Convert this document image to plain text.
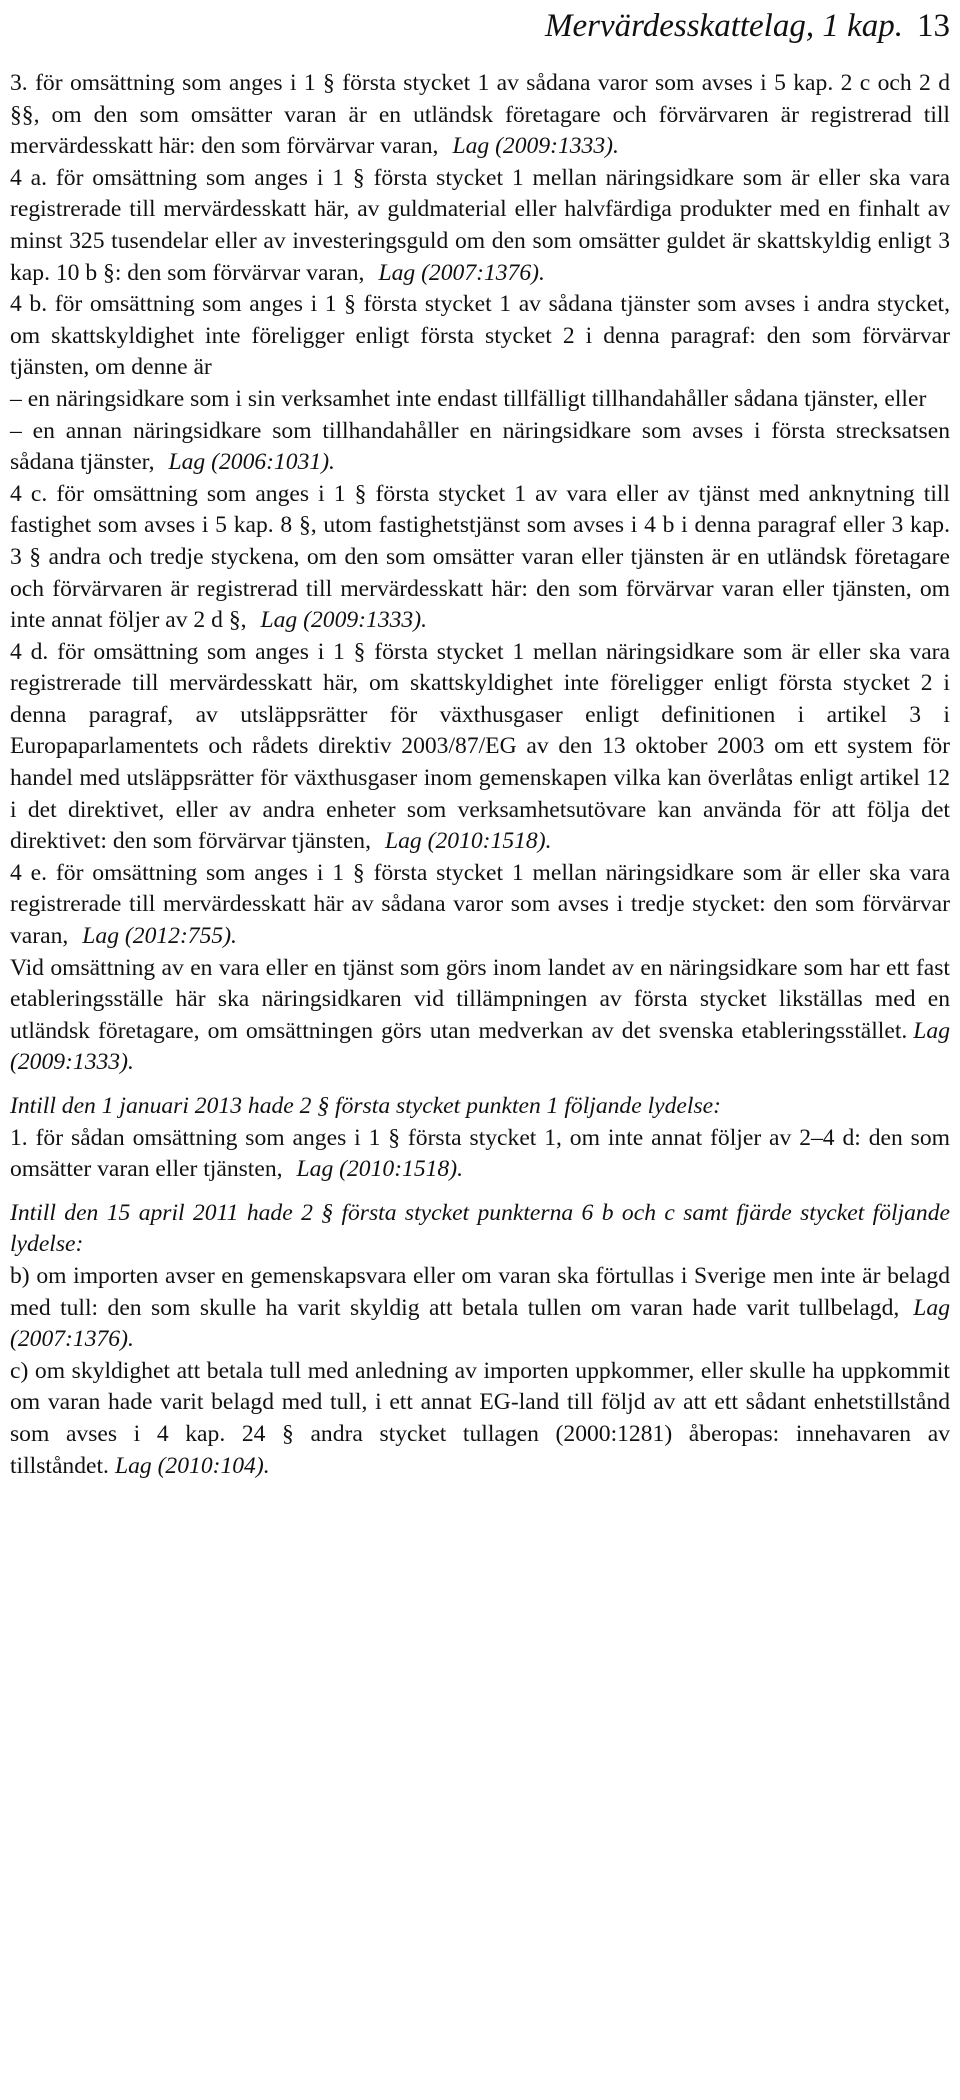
Mervärdesskattelag, 1 kap. 13

3. för omsättning som anges i 1 § första stycket 1 av sådana varor som avses i 5 kap. 2 c och 2 d §§, om den som omsätter varan är en utländsk företagare och förvärvaren är registrerad till mervärdesskatt här: den som förvärvar varan, Lag (2009:1333).

4 a. för omsättning som anges i 1 § första stycket 1 mellan näringsidkare som är eller ska vara registrerade till mervärdesskatt här, av guldmaterial eller halvfärdiga produkter med en finhalt av minst 325 tusendelar eller av investeringsguld om den som omsätter guldet är skattskyldig enligt 3 kap. 10 b §: den som förvärvar varan, Lag (2007:1376).

4 b. för omsättning som anges i 1 § första stycket 1 av sådana tjänster som avses i andra stycket, om skattskyldighet inte föreligger enligt första stycket 2 i denna paragraf: den som förvärvar tjänsten, om denne är

– en näringsidkare som i sin verksamhet inte endast tillfälligt tillhandahåller sådana tjänster, eller

– en annan näringsidkare som tillhandahåller en näringsidkare som avses i första strecksatsen sådana tjänster, Lag (2006:1031).

4 c. för omsättning som anges i 1 § första stycket 1 av vara eller av tjänst med anknytning till fastighet som avses i 5 kap. 8 §, utom fastighetstjänst som avses i 4 b i denna paragraf eller 3 kap. 3 § andra och tredje styckena, om den som omsätter varan eller tjänsten är en utländsk företagare och förvärvaren är registrerad till mervärdesskatt här: den som förvärvar varan eller tjänsten, om inte annat följer av 2 d §, Lag (2009:1333).

4 d. för omsättning som anges i 1 § första stycket 1 mellan näringsidkare som är eller ska vara registrerade till mervärdesskatt här, om skattskyldighet inte föreligger enligt första stycket 2 i denna paragraf, av utsläppsrätter för växthusgaser enligt definitionen i artikel 3 i Europaparlamentets och rådets direktiv 2003/87/EG av den 13 oktober 2003 om ett system för handel med utsläppsrätter för växthusgaser inom gemenskapen vilka kan överlåtas enligt artikel 12 i det direktivet, eller av andra enheter som verksamhetsutövare kan använda för att följa det direktivet: den som förvärvar tjänsten, Lag (2010:1518).

4 e. för omsättning som anges i 1 § första stycket 1 mellan näringsidkare som är eller ska vara registrerade till mervärdesskatt här av sådana varor som avses i tredje stycket: den som förvärvar varan, Lag (2012:755).

Vid omsättning av en vara eller en tjänst som görs inom landet av en näringsidkare som har ett fast etableringsställe här ska näringsidkaren vid tillämpningen av första stycket likställas med en utländsk företagare, om omsättningen görs utan medverkan av det svenska etableringsstället. Lag (2009:1333).

Intill den 1 januari 2013 hade 2 § första stycket punkten 1 följande lydelse:

1. för sådan omsättning som anges i 1 § första stycket 1, om inte annat följer av 2–4 d: den som omsätter varan eller tjänsten, Lag (2010:1518).

Intill den 15 april 2011 hade 2 § första stycket punkterna 6 b och c samt fjärde stycket följande lydelse:

b) om importen avser en gemenskapsvara eller om varan ska förtullas i Sverige men inte är belagd med tull: den som skulle ha varit skyldig att betala tullen om varan hade varit tullbelagd, Lag (2007:1376).

c) om skyldighet att betala tull med anledning av importen uppkommer, eller skulle ha uppkommit om varan hade varit belagd med tull, i ett annat EG-land till följd av att ett sådant enhetstillstånd som avses i 4 kap. 24 § andra stycket tullagen (2000:1281) åberopas: innehavaren av tillståndet. Lag (2010:104).
